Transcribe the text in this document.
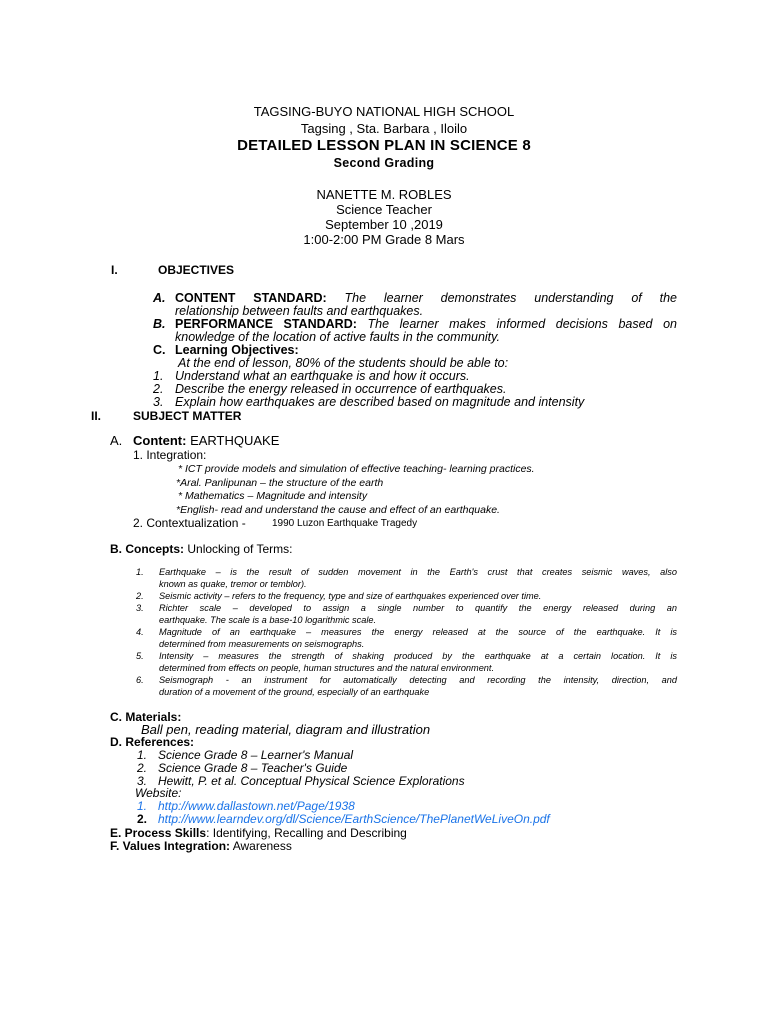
TAGSING-BUYO NATIONAL HIGH SCHOOL
Tagsing , Sta. Barbara , Iloilo
DETAILED LESSON PLAN IN SCIENCE 8
Second Grading
NANETTE M. ROBLES
Science Teacher
September 10 ,2019
1:00-2:00 PM Grade 8 Mars
I.	OBJECTIVES
A. CONTENT STANDARD: The learner demonstrates understanding of the
relationship between faults and earthquakes.
B. PERFORMANCE STANDARD: The learner makes informed decisions based on
knowledge of the location of active faults in the community.
C. Learning Objectives:
At the end of lesson, 80% of the students should be able to:
1. Understand what an earthquake is and how it occurs.
2. Describe the energy released in occurrence of earthquakes.
3. Explain how earthquakes are described based on magnitude and intensity
II.	SUBJECT MATTER
A. Content: EARTHQUAKE
1. Integration:
* ICT provide models and simulation of effective teaching- learning practices.
*Aral. Panlipunan – the structure of the earth
* Mathematics – Magnitude and intensity
*English- read and understand the cause and effect of an earthquake.
2. Contextualization -	1990 Luzon Earthquake Tragedy
B. Concepts: Unlocking of Terms:
1. Earthquake – is the result of sudden movement in the Earth's crust that creates seismic waves, also
known as quake, tremor or temblor).
2. Seismic activity – refers to the frequency, type and size of earthquakes experienced over time.
3. Richter scale – developed to assign a single number to quantify the energy released during an
earthquake. The scale is a base-10 logarithmic scale.
4. Magnitude of an earthquake – measures the energy released at the source of the earthquake. It is
determined from measurements on seismographs.
5. Intensity – measures the strength of shaking produced by the earthquake at a certain location. It is
determined from effects on people, human structures and the natural environment.
6. Seismograph - an instrument for automatically detecting and recording the intensity, direction, and
duration of a movement of the ground, especially of an earthquake
C. Materials:
Ball pen, reading material, diagram and illustration
D. References:
1. Science Grade 8 – Learner's Manual
2. Science Grade 8 – Teacher's Guide
3. Hewitt, P. et al. Conceptual Physical Science Explorations
Website:
1. http://www.dallastown.net/Page/1938
2. http://www.learndev.org/dl/Science/EarthScience/ThePlanetWeLiveOn.pdf
E. Process Skills: Identifying, Recalling and Describing
F. Values Integration: Awareness
